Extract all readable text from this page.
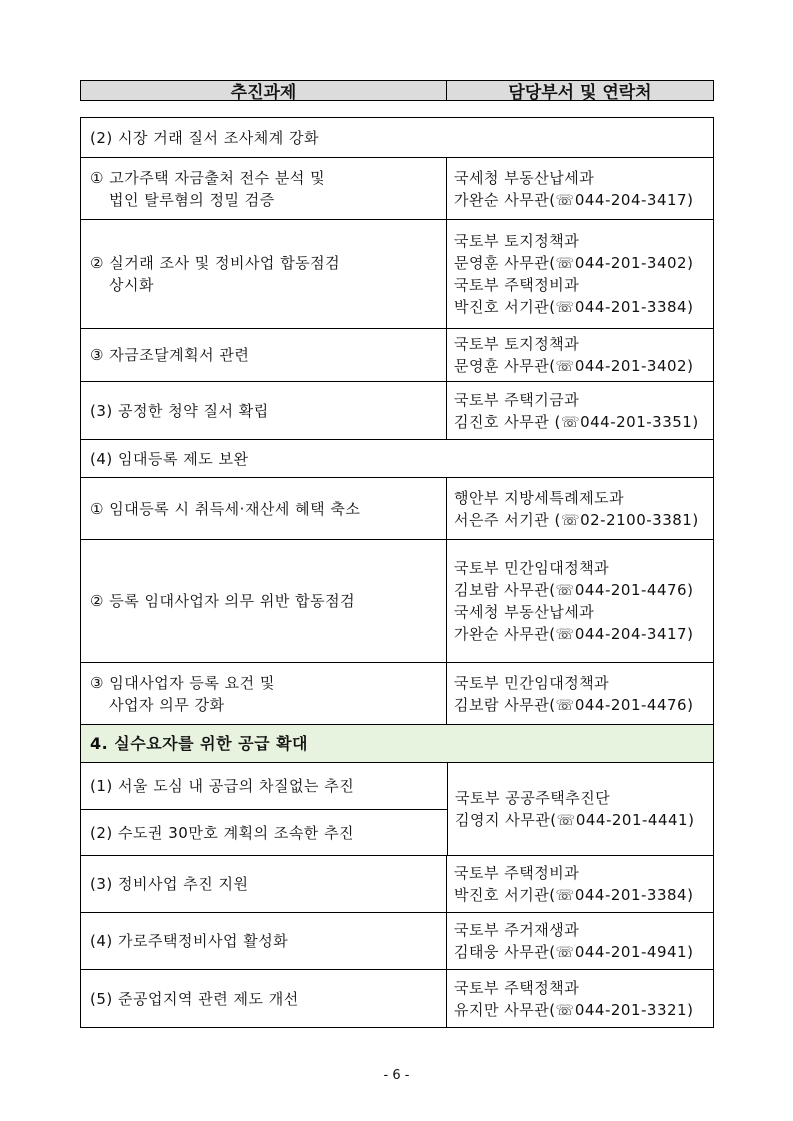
추진과제	담당부서 및 연락처
(2) 시장 거래 질서 조사체계 강화
① 고가주택 자금출처 전수 분석 및
법인 탈루혐의 정밀 검증
국세청 부동산납세과
가완순 사무관(☏044-204-3417)
② 실거래 조사 및 정비사업 합동점검
상시화
국토부 토지정책과
문영훈 사무관(☏044-201-3402)
국토부 주택정비과
박진호 서기관(☏044-201-3384)
③ 자금조달계획서 관련
국토부 토지정책과
문영훈 사무관(☏044-201-3402)
(3) 공정한 청약 질서 확립
국토부 주택기금과
김진호 사무관 (☏044-201-3351)
(4) 임대등록 제도 보완
① 임대등록 시 취득세·재산세 혜택 축소
행안부 지방세특례제도과
서은주 서기관 (☏02-2100-3381)
② 등록 임대사업자 의무 위반 합동점검
국토부 민간임대정책과
김보람 사무관(☏044-201-4476)
국세청 부동산납세과
가완순 사무관(☏044-204-3417)
③ 임대사업자 등록 요건 및
사업자 의무 강화
국토부 민간임대정책과
김보람 사무관(☏044-201-4476)
4. 실수요자를 위한 공급 확대
(1) 서울 도심 내 공급의 차질없는 추진
(2) 수도권 30만호 계획의 조속한 추진
국토부 공공주택추진단
김영지 사무관(☏044-201-4441)
(3) 정비사업 추진 지원
국토부 주택정비과
박진호 서기관(☏044-201-3384)
(4) 가로주택정비사업 활성화
국토부 주거재생과
김태웅 사무관(☏044-201-4941)
(5) 준공업지역 관련 제도 개선
국토부 주택정책과
유지만 사무관(☏044-201-3321)
- 6 -
